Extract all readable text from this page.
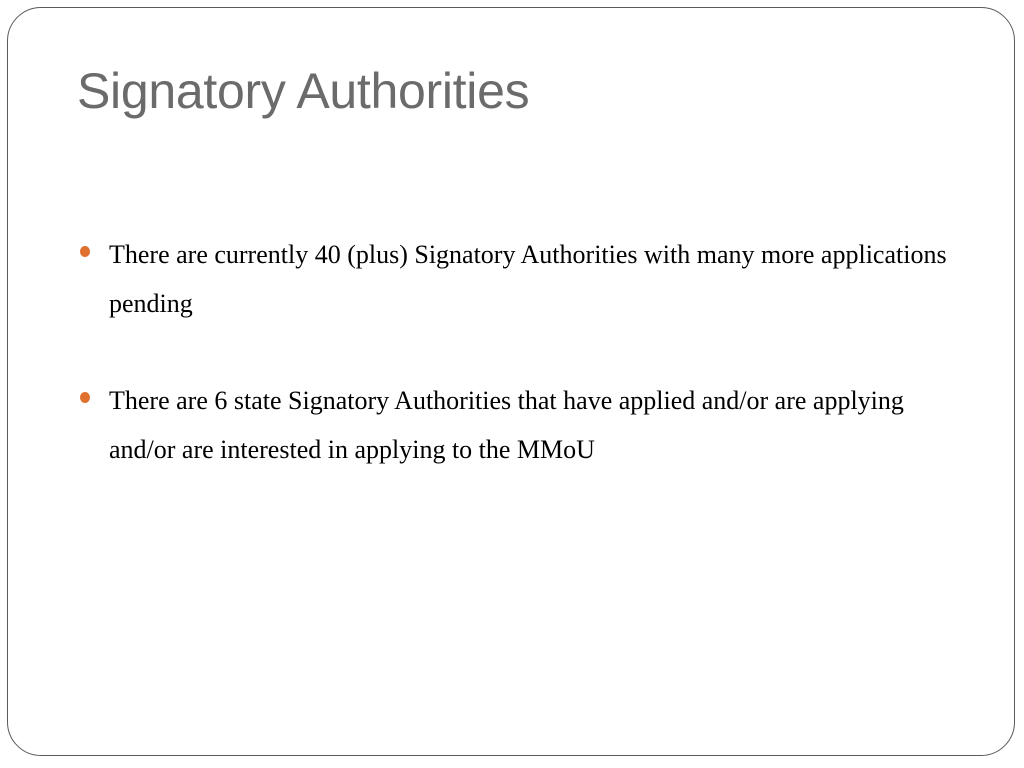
Signatory Authorities
There are currently 40 (plus) Signatory Authorities with many more applications pending
There are 6 state Signatory Authorities that have applied and/or are applying and/or are interested in applying to the MMoU
